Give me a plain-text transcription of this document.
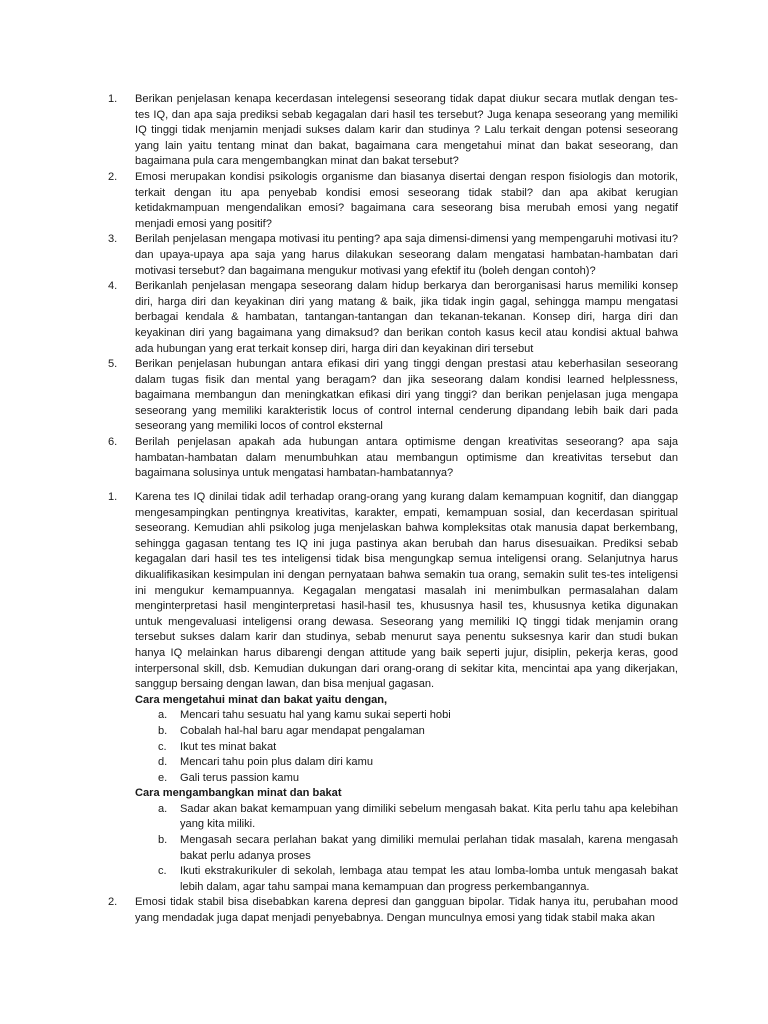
1. Berikan penjelasan kenapa kecerdasan intelegensi seseorang tidak dapat diukur secara mutlak dengan tes-tes IQ, dan apa saja prediksi sebab kegagalan dari hasil tes tersebut? Juga kenapa seseorang yang memiliki IQ tinggi tidak menjamin menjadi sukses dalam karir dan studinya ? Lalu terkait dengan potensi seseorang yang lain yaitu tentang minat dan bakat, bagaimana cara mengetahui minat dan bakat seseorang, dan bagaimana pula cara mengembangkan minat dan bakat tersebut?
2. Emosi merupakan kondisi psikologis organisme dan biasanya disertai dengan respon fisiologis dan motorik, terkait dengan itu apa penyebab kondisi emosi seseorang tidak stabil? dan apa akibat kerugian ketidakmampuan mengendalikan emosi? bagaimana cara seseorang bisa merubah emosi yang negatif menjadi emosi yang positif?
3. Berilah penjelasan mengapa motivasi itu penting? apa saja dimensi-dimensi yang mempengaruhi motivasi itu? dan upaya-upaya apa saja yang harus dilakukan seseorang dalam mengatasi hambatan-hambatan dari motivasi tersebut? dan bagaimana mengukur motivasi yang efektif itu (boleh dengan contoh)?
4. Berikanlah penjelasan mengapa seseorang dalam hidup berkarya dan berorganisasi harus memiliki konsep diri, harga diri dan keyakinan diri yang matang & baik, jika tidak ingin gagal, sehingga mampu mengatasi berbagai kendala & hambatan, tantangan-tantangan dan tekanan-tekanan. Konsep diri, harga diri dan keyakinan diri yang bagaimana yang dimaksud? dan berikan contoh kasus kecil atau kondisi aktual bahwa ada hubungan yang erat terkait konsep diri, harga diri dan keyakinan diri tersebut
5. Berikan penjelasan hubungan antara efikasi diri yang tinggi dengan prestasi atau keberhasilan seseorang dalam tugas fisik dan mental yang beragam? dan jika seseorang dalam kondisi learned helplessness, bagaimana membangun dan meningkatkan efikasi diri yang tinggi? dan berikan penjelasan juga mengapa seseorang yang memiliki karakteristik locus of control internal cenderung dipandang lebih baik dari pada seseorang yang memiliki locos of control eksternal
6. Berilah penjelasan apakah ada hubungan antara optimisme dengan kreativitas seseorang? apa saja hambatan-hambatan dalam menumbuhkan atau membangun optimisme dan kreativitas tersebut dan bagaimana solusinya untuk mengatasi hambatan-hambatannya?
1. Karena tes IQ dinilai tidak adil terhadap orang-orang yang kurang dalam kemampuan kognitif, dan dianggap mengesampingkan pentingnya kreativitas, karakter, empati, kemampuan sosial, dan kecerdasan spiritual seseorang. Kemudian ahli psikolog juga menjelaskan bahwa kompleksitas otak manusia dapat berkembang, sehingga gagasan tentang tes IQ ini juga pastinya akan berubah dan harus disesuaikan. Prediksi sebab kegagalan dari hasil tes tes inteligensi tidak bisa mengungkap semua inteligensi orang. Selanjutnya harus dikualifikasikan kesimpulan ini dengan pernyataan bahwa semakin tua orang, semakin sulit tes-tes inteligensi ini mengukur kemampuannya. Kegagalan mengatasi masalah ini menimbulkan permasalahan dalam menginterpretasi hasil menginterpretasi hasil-hasil tes, khususnya hasil tes, khususnya ketika digunakan untuk mengevaluasi inteligensi orang dewasa. Seseorang yang memiliki IQ tinggi tidak menjamin orang tersebut sukses dalam karir dan studinya, sebab menurut saya penentu suksesnya karir dan studi bukan hanya IQ melainkan harus dibarengi dengan attitude yang baik seperti jujur, disiplin, pekerja keras, good interpersonal skill, dsb. Kemudian dukungan dari orang-orang di sekitar kita, mencintai apa yang dikerjakan, sanggup bersaing dengan lawan, dan bisa menjual gagasan.
Cara mengetahui minat dan bakat yaitu dengan,
a. Mencari tahu sesuatu hal yang kamu sukai seperti hobi
b. Cobalah hal-hal baru agar mendapat pengalaman
c. Ikut tes minat bakat
d. Mencari tahu poin plus dalam diri kamu
e. Gali terus passion kamu
Cara mengambangkan minat dan bakat
a. Sadar akan bakat kemampuan yang dimiliki sebelum mengasah bakat. Kita perlu tahu apa kelebihan yang kita miliki.
b. Mengasah secara perlahan bakat yang dimiliki memulai perlahan tidak masalah, karena mengasah bakat perlu adanya proses
c. Ikuti ekstrakurikuler di sekolah, lembaga atau tempat les atau lomba-lomba untuk mengasah bakat lebih dalam, agar tahu sampai mana kemampuan dan progress perkembangannya.
2. Emosi tidak stabil bisa disebabkan karena depresi dan gangguan bipolar. Tidak hanya itu, perubahan mood yang mendadak juga dapat menjadi penyebabnya. Dengan munculnya emosi yang tidak stabil maka akan
